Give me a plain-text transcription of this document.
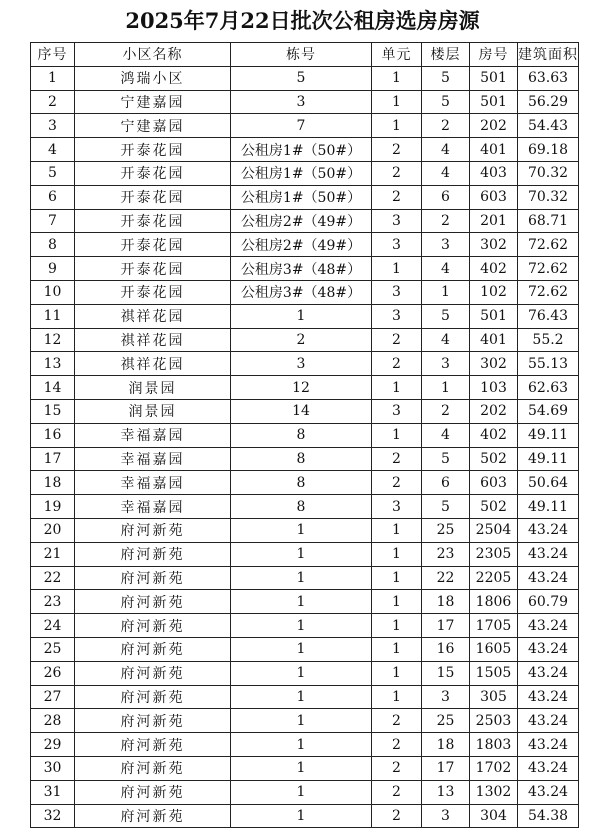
2025年7月22日批次公租房选房房源
序号	小区名称	栋号	单元	楼层	房号	建筑面积
1	鸿瑞小区	5	1	5	501	63.63
2	宁建嘉园	3	1	5	501	56.29
3	宁建嘉园	7	1	2	202	54.43
4	开泰花园	公租房1#（50#）	2	4	401	69.18
5	开泰花园	公租房1#（50#）	2	4	403	70.32
6	开泰花园	公租房1#（50#）	2	6	603	70.32
7	开泰花园	公租房2#（49#）	3	2	201	68.71
8	开泰花园	公租房2#（49#）	3	3	302	72.62
9	开泰花园	公租房3#（48#）	1	4	402	72.62
10	开泰花园	公租房3#（48#）	3	1	102	72.62
11	祺祥花园	1	3	5	501	76.43
12	祺祥花园	2	2	4	401	55.2
13	祺祥花园	3	2	3	302	55.13
14	润景园	12	1	1	103	62.63
15	润景园	14	3	2	202	54.69
16	幸福嘉园	8	1	4	402	49.11
17	幸福嘉园	8	2	5	502	49.11
18	幸福嘉园	8	2	6	603	50.64
19	幸福嘉园	8	3	5	502	49.11
20	府河新苑	1	1	25	2504	43.24
21	府河新苑	1	1	23	2305	43.24
22	府河新苑	1	1	22	2205	43.24
23	府河新苑	1	1	18	1806	60.79
24	府河新苑	1	1	17	1705	43.24
25	府河新苑	1	1	16	1605	43.24
26	府河新苑	1	1	15	1505	43.24
27	府河新苑	1	1	3	305	43.24
28	府河新苑	1	2	25	2503	43.24
29	府河新苑	1	2	18	1803	43.24
30	府河新苑	1	2	17	1702	43.24
31	府河新苑	1	2	13	1302	43.24
32	府河新苑	1	2	3	304	54.38
